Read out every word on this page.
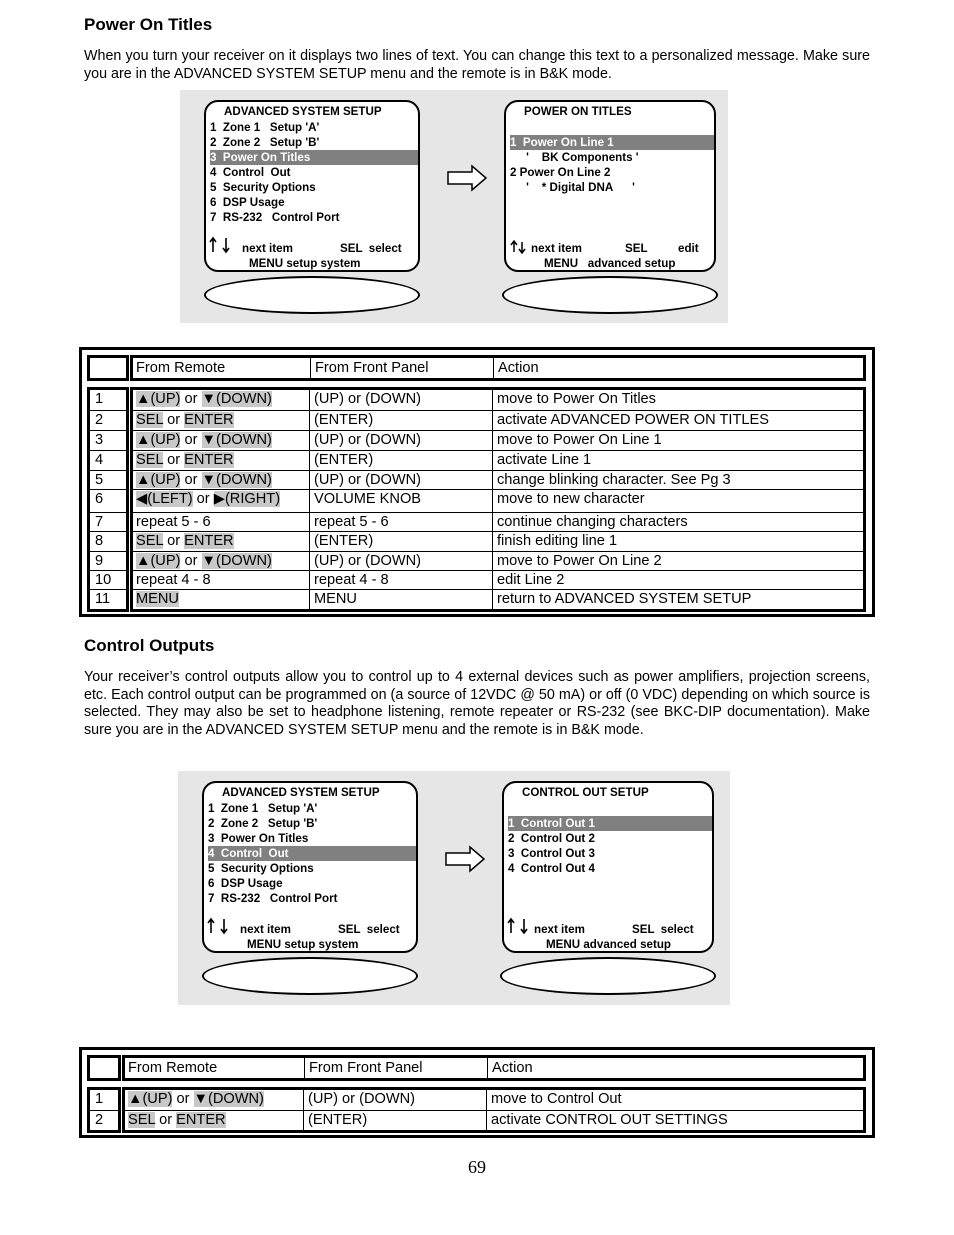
Power On Titles
When you turn your receiver on it displays two lines of text. You can change this text to a personalized message. Make sure you are in the ADVANCED SYSTEM SETUP menu and the remote is in B&K mode.
ADVANCED SYSTEM SETUP
1  Zone 1   Setup 'A'
2  Zone 2   Setup 'B'
3  Power On Titles
4  Control  Out
5  Security Options
6  DSP Usage
7  RS-232   Control Port
next item	SEL  select
MENU setup system
POWER ON TITLES
1  Power On Line 1
'    BK Components '
2 Power On Line 2
'    * Digital DNA      '
next item	SEL	edit
MENU   advanced setup
From Remote	From Front Panel	Action
1	▲(UP) or ▼(DOWN)	(UP) or (DOWN)	move to Power On Titles
2	SEL or ENTER	(ENTER)	activate ADVANCED POWER ON TITLES
3	▲(UP) or ▼(DOWN)	(UP) or (DOWN)	move to Power On Line 1
4	SEL or ENTER	(ENTER)	activate Line 1
5	▲(UP) or ▼(DOWN)	(UP) or (DOWN)	change blinking character. See Pg 3
6	◀(LEFT) or ▶(RIGHT)	VOLUME KNOB	move to new character
7	repeat 5 - 6	repeat 5 - 6	continue changing characters
8	SEL or ENTER	(ENTER)	finish editing line 1
9	▲(UP) or ▼(DOWN)	(UP) or (DOWN)	move to Power On Line 2
10	repeat 4 - 8	repeat 4 - 8	edit Line 2
11	MENU	MENU	return to ADVANCED SYSTEM SETUP
Control Outputs
Your receiver’s control outputs allow you to control up to 4 external devices such as power amplifiers, projection screens, etc. Each control output can be programmed on (a source of 12VDC @ 50 mA) or off (0 VDC) depending on which source is selected. They may also be set to headphone listening, remote repeater or RS-232 (see BKC-DIP documentation). Make sure you are in the ADVANCED SYSTEM SETUP menu and the remote is in B&K mode.
ADVANCED SYSTEM SETUP
1  Zone 1   Setup 'A'
2  Zone 2   Setup 'B'
3  Power On Titles
4  Control  Out
5  Security Options
6  DSP Usage
7  RS-232   Control Port
next item	SEL  select
MENU setup system
CONTROL OUT SETUP
1  Control Out 1
2  Control Out 2
3  Control Out 3
4  Control Out 4
next item	SEL  select
MENU advanced setup
From Remote	From Front Panel	Action
1	▲(UP) or ▼(DOWN)	(UP) or (DOWN)	move to Control Out
2	SEL or ENTER	(ENTER)	activate CONTROL OUT SETTINGS
69
